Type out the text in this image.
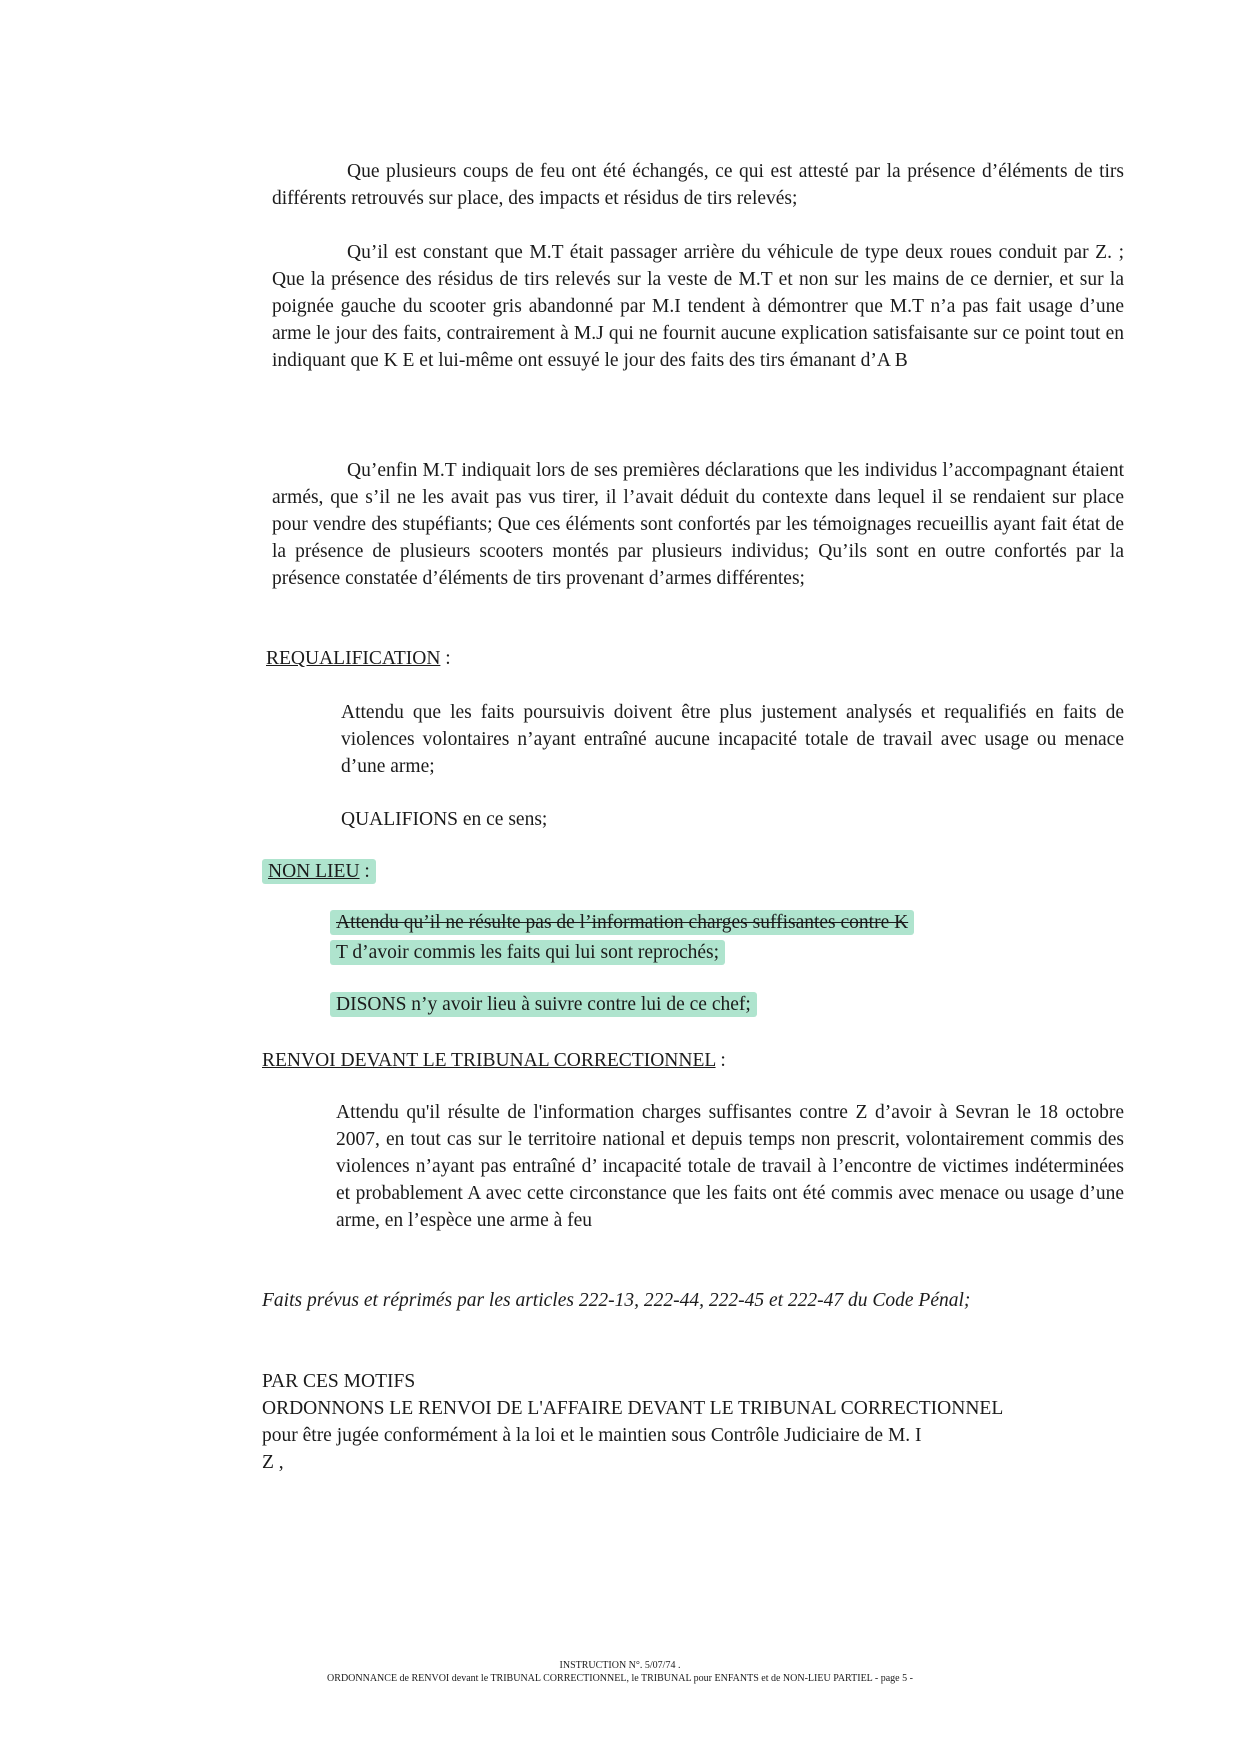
Que plusieurs coups de feu ont été échangés, ce qui est attesté par la présence d’éléments de tirs différents retrouvés sur place, des impacts et résidus de tirs relevés;

Qu’il est constant que M.T était passager arrière du véhicule de type deux roues conduit par Z. ; Que la présence des résidus de tirs relevés sur la veste de M.T et non sur les mains de ce dernier, et sur la poignée gauche du scooter gris abandonné par M.I tendent à démontrer que M.T n’a pas fait usage d’une arme le jour des faits, contrairement à M.J qui ne fournit aucune explication satisfaisante sur ce point tout en indiquant que K E et lui-même ont essuyé le jour des faits des tirs émanant d’A B

Qu’enfin M.T indiquait lors de ses premières déclarations que les individus l’accompagnant étaient armés, que s’il ne les avait pas vus tirer, il l’avait déduit du contexte dans lequel il se rendaient sur place pour vendre des stupéfiants; Que ces éléments sont confortés par les témoignages recueillis ayant fait état de la présence de plusieurs scooters montés par plusieurs individus; Qu’ils sont en outre confortés par la présence constatée d’éléments de tirs provenant d’armes différentes;

REQUALIFICATION :

Attendu que les faits poursuivis doivent être plus justement analysés et requalifiés en faits de violences volontaires n’ayant entraîné aucune incapacité totale de travail avec usage ou menace d’une arme;

QUALIFIONS en ce sens;
NON LIEU :
Attendu qu’il ne résulte pas de l’information charges suffisantes contre K
T d’avoir commis les faits qui lui sont reprochés;
DISONS n’y avoir lieu à suivre contre lui de ce chef;
RENVOI DEVANT LE TRIBUNAL CORRECTIONNEL :

Attendu qu'il résulte de l'information charges suffisantes contre Z d’avoir à Sevran le 18 octobre 2007, en tout cas sur le territoire national et depuis temps non prescrit, volontairement commis des violences n’ayant pas entraîné d’ incapacité totale de travail à l’encontre de victimes indéterminées et probablement A avec cette circonstance que les faits ont été commis avec menace ou usage d’une arme, en l’espèce une arme à feu

Faits prévus et réprimés par les articles 222-13, 222-44, 222-45 et 222-47 du Code Pénal;
PAR CES MOTIFS
ORDONNONS LE RENVOI DE L'AFFAIRE DEVANT LE TRIBUNAL CORRECTIONNEL
pour être jugée conformément à la loi et le maintien sous Contrôle Judiciaire de M. I
Z ,
INSTRUCTION N°. 5/07/74 .
ORDONNANCE de RENVOI devant le TRIBUNAL CORRECTIONNEL, le TRIBUNAL pour ENFANTS et de NON-LIEU PARTIEL - page 5 -
